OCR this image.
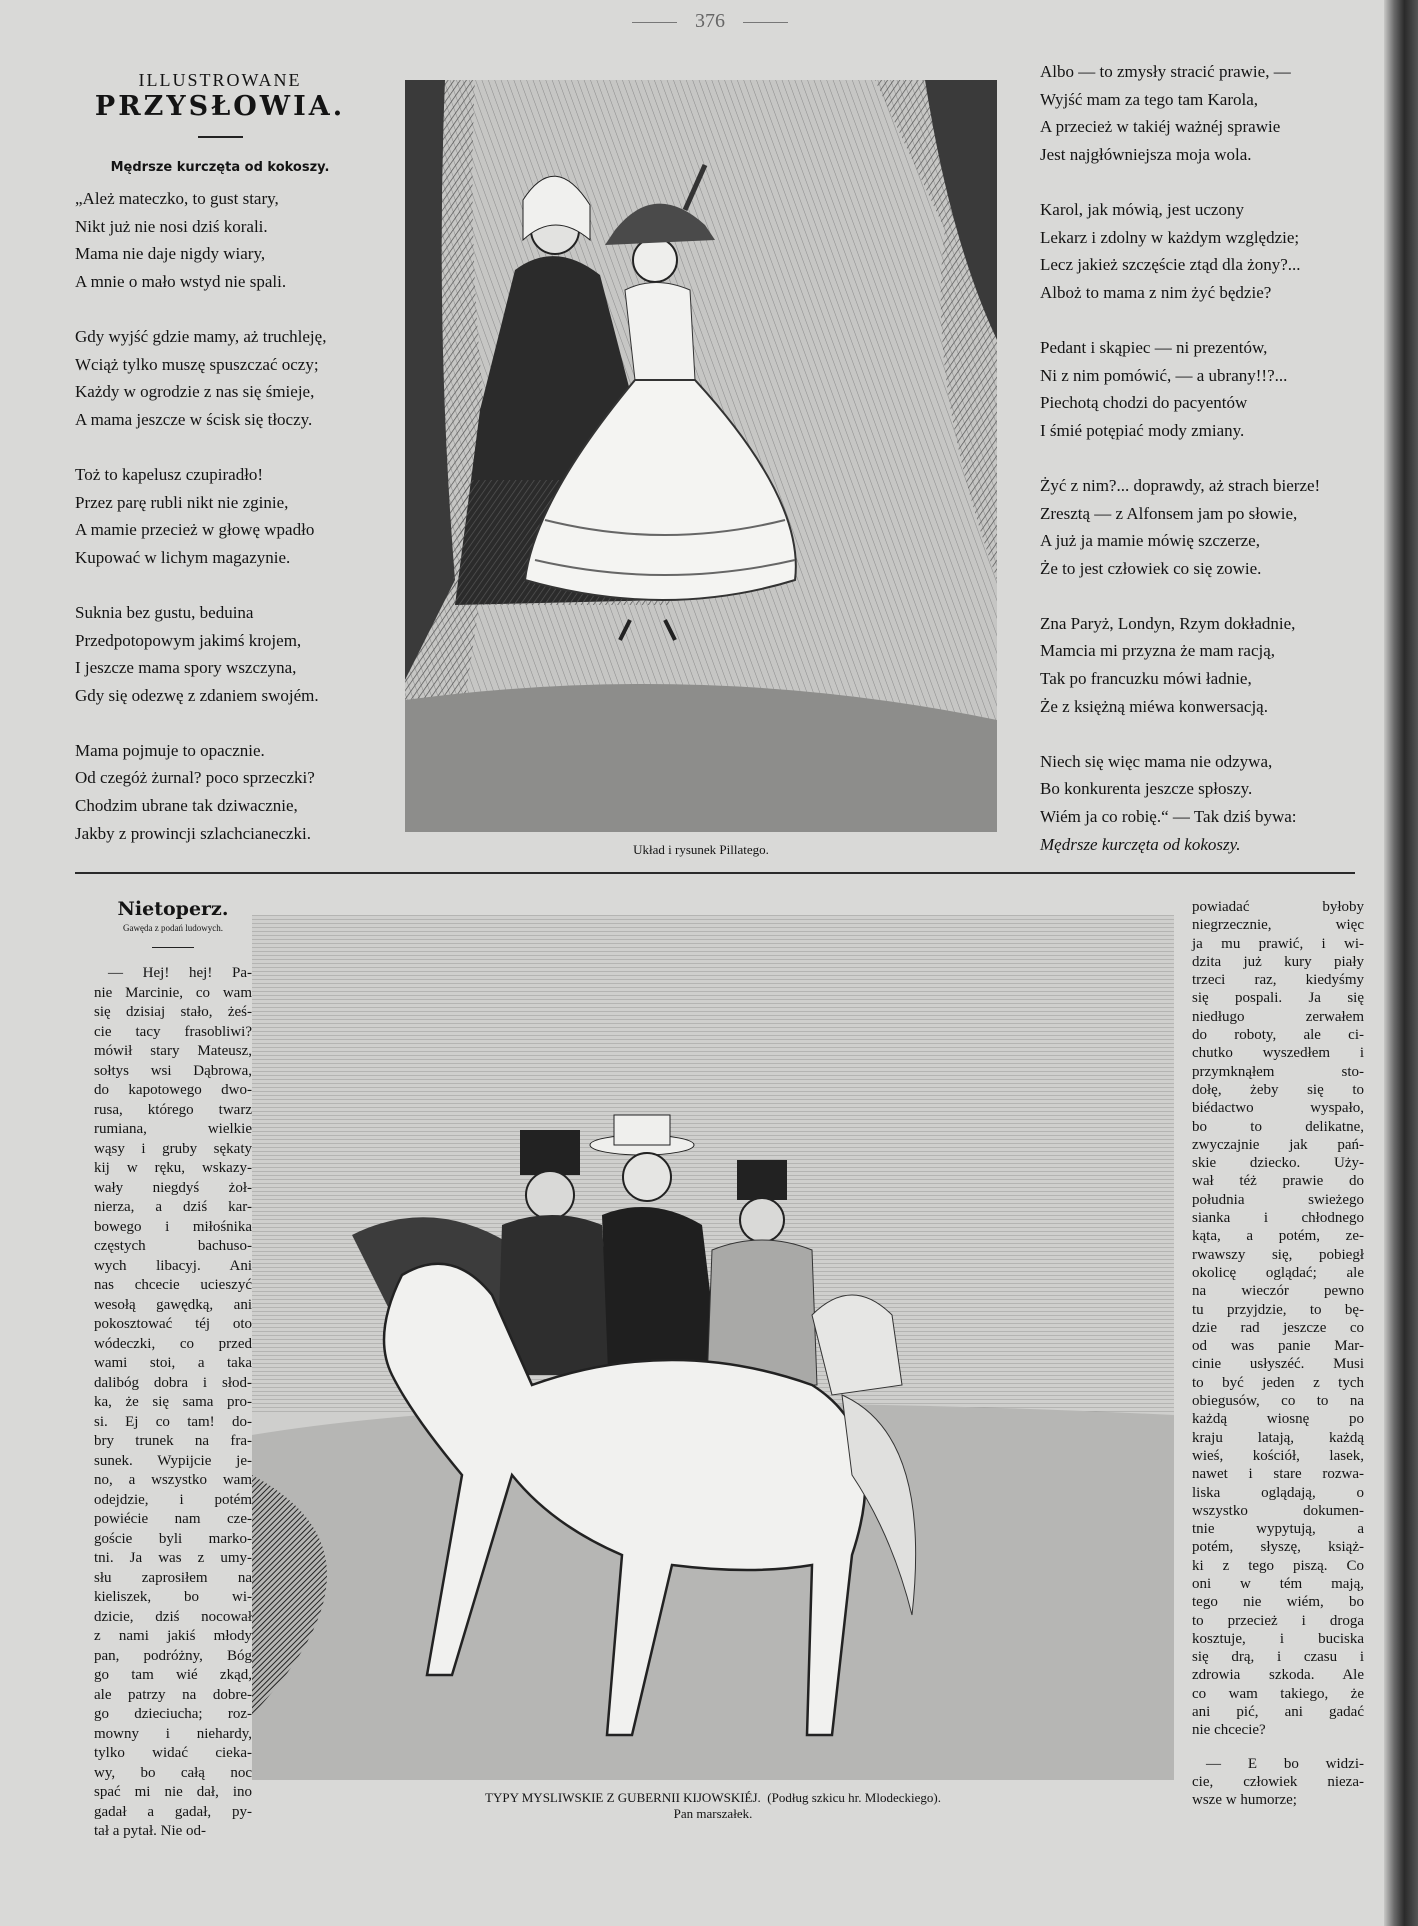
376
ILLUSTROWANE
PRZYSŁOWIA.
Mędrsze kurczęta od kokoszy.
„Ależ mateczko, to gust stary,
Nikt już nie nosi dziś korali.
Mama nie daje nigdy wiary,
A mnie o mało wstyd nie spali.
Gdy wyjść gdzie mamy, aż truchleję,
Wciąż tylko muszę spuszczać oczy;
Każdy w ogrodzie z nas się śmieje,
A mama jeszcze w ścisk się tłoczy.
Toż to kapelusz czupiradło!
Przez parę rubli nikt nie zginie,
A mamie przecież w głowę wpadło
Kupować w lichym magazynie.
Suknia bez gustu, beduina
Przedpotopowym jakimś krojem,
I jeszcze mama spory wszczyna,
Gdy się odezwę z zdaniem swojém.
Mama pojmuje to opacznie.
Od czegóż żurnal? poco sprzeczki?
Chodzim ubrane tak dziwacznie,
Jakby z prowincji szlachcianeczki.
Układ i rysunek Pillatego.
Albo — to zmysły stracić prawie, —
Wyjść mam za tego tam Karola,
A przecież w takiéj ważnéj sprawie
Jest najgłówniejsza moja wola.
Karol, jak mówią, jest uczony
Lekarz i zdolny w każdym względzie;
Lecz jakież szczęście ztąd dla żony?...
Alboż to mama z nim żyć będzie?
Pedant i skąpiec — ni prezentów,
Ni z nim pomówić, — a ubrany!!?...
Piechotą chodzi do pacyentów
I śmié potępiać mody zmiany.
Żyć z nim?... doprawdy, aż strach bierze!
Zresztą — z Alfonsem jam po słowie,
A już ja mamie mówię szczerze,
Że to jest człowiek co się zowie.
Zna Paryż, Londyn, Rzym dokładnie,
Mamcia mi przyzna że mam racją,
Tak po francuzku mówi ładnie,
Że z księżną miéwa konwersacją.
Niech się więc mama nie odzywa,
Bo konkurenta jeszcze spłoszy.
Wiém ja co robię.“ — Tak dziś bywa:
Mędrsze kurczęta od kokoszy.
Nietoperz.
Gawęda z podań ludowych.
— Hej! hej! Pa-
nie Marcinie, co wam
się dzisiaj stało, żeś-
cie tacy frasobliwi?
mówił stary Mateusz,
sołtys wsi Dąbrowa,
do kapotowego dwo-
rusa, którego twarz
rumiana, wielkie
wąsy i gruby sękaty
kij w ręku, wskazy-
wały niegdyś żoł-
nierza, a dziś kar-
bowego i miłośnika
częstych bachuso-
wych libacyj. Ani
nas chcecie ucieszyć
wesołą gawędką, ani
pokosztować téj oto
wódeczki, co przed
wami stoi, a taka
dalibóg dobra i słod-
ka, że się sama pro-
si. Ej co tam! do-
bry trunek na fra-
sunek. Wypijcie je-
no, a wszystko wam
odejdzie, i potém
powiécie nam cze-
goście byli marko-
tni. Ja was z umy-
słu zaprosiłem na
kieliszek, bo wi-
dzicie, dziś nocował
z nami jakiś młody
pan, podróżny, Bóg
go tam wié zkąd,
ale patrzy na dobre-
go dzieciucha; roz-
mowny i niehardy,
tylko widać cieka-
wy, bo całą noc
spać mi nie dał, ino
gadał a gadał, py-
tał a pytał. Nie od-
TYPY MYSLIWSKIE Z GUBERNII KIJOWSKIÉJ. (Podług szkicu hr. Mlodeckiego).
Pan marszałek.
powiadać byłoby
niegrzecznie, więc
ja mu prawić, i wi-
dzita już kury piały
trzeci raz, kiedyśmy
się pospali. Ja się
niedługo zerwałem
do roboty, ale ci-
chutko wyszedłem i
przymknąłem sto-
dołę, żeby się to
biédactwo wyspało,
bo to delikatne,
zwyczajnie jak pań-
skie dziecko. Uży-
wał téż prawie do
południa swieżego
sianka i chłodnego
kąta, a potém, ze-
rwawszy się, pobiegł
okolicę oglądać; ale
na wieczór pewno
tu przyjdzie, to bę-
dzie rad jeszcze co
od was panie Mar-
cinie usłyszéć. Musi
to być jeden z tych
obiegusów, co to na
każdą wiosnę po
kraju latają, każdą
wieś, kościół, lasek,
nawet i stare rozwa-
liska oglądają, o
wszystko dokumen-
tnie wypytują, a
potém, słyszę, książ-
ki z tego piszą. Co
oni w tém mają,
tego nie wiém, bo
to przecież i droga
kosztuje, i buciska
się drą, i czasu i
zdrowia szkoda. Ale
co wam takiego, że
ani pić, ani gadać
nie chcecie?
— E bo widzi-
cie, człowiek nieza-
wsze w humorze;
